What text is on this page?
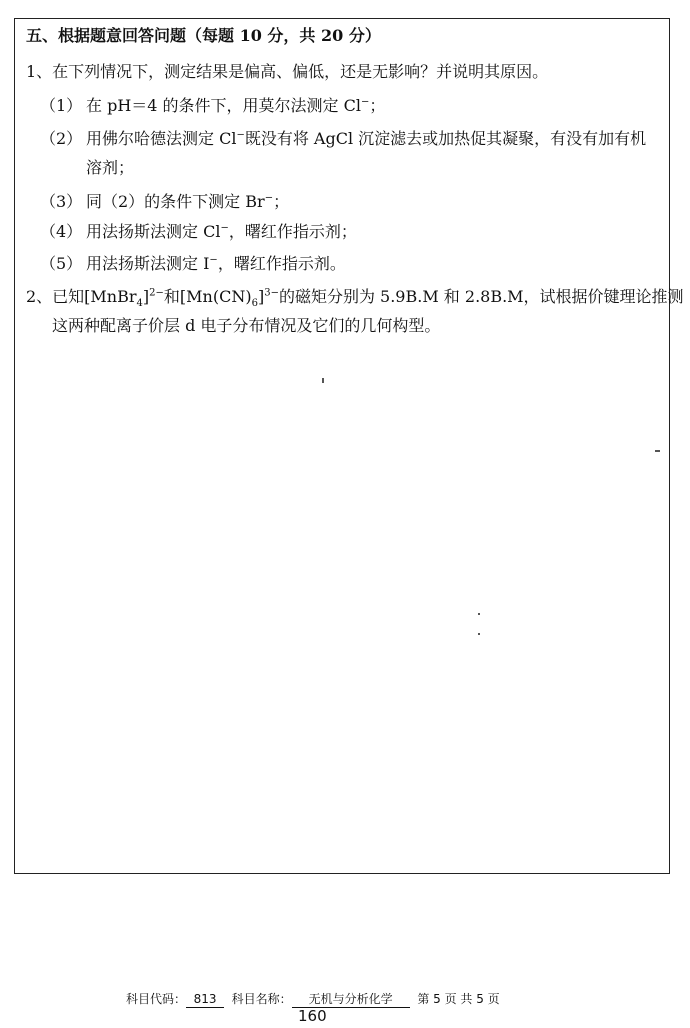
五、根据题意回答问题（每题 10 分，共 20 分）
1、在下列情况下，测定结果是偏高、偏低，还是无影响？并说明其原因。
（1） 在 pH＝4 的条件下，用莫尔法测定 Cl−；
（2） 用佛尔哈德法测定 Cl−既没有将 AgCl 沉淀滤去或加热促其凝聚，有没有加有机
溶剂；
（3） 同（2）的条件下测定 Br−；
（4） 用法扬斯法测定 Cl−，曙红作指示剂；
（5） 用法扬斯法测定 I−，曙红作指示剂。
2、已知[MnBr$_4$]$^{2-}$和$[Mn(CN)_6]^{3-}$的磁矩分别为 5.9B.M 和 2.8B.M，试根据价键理论推测
这两种配离子价层 d 电子分布情况及它们的几何构型。
科目代码： 813 科目名称： 无机与分析化学 第 5 页 共 5 页
160
